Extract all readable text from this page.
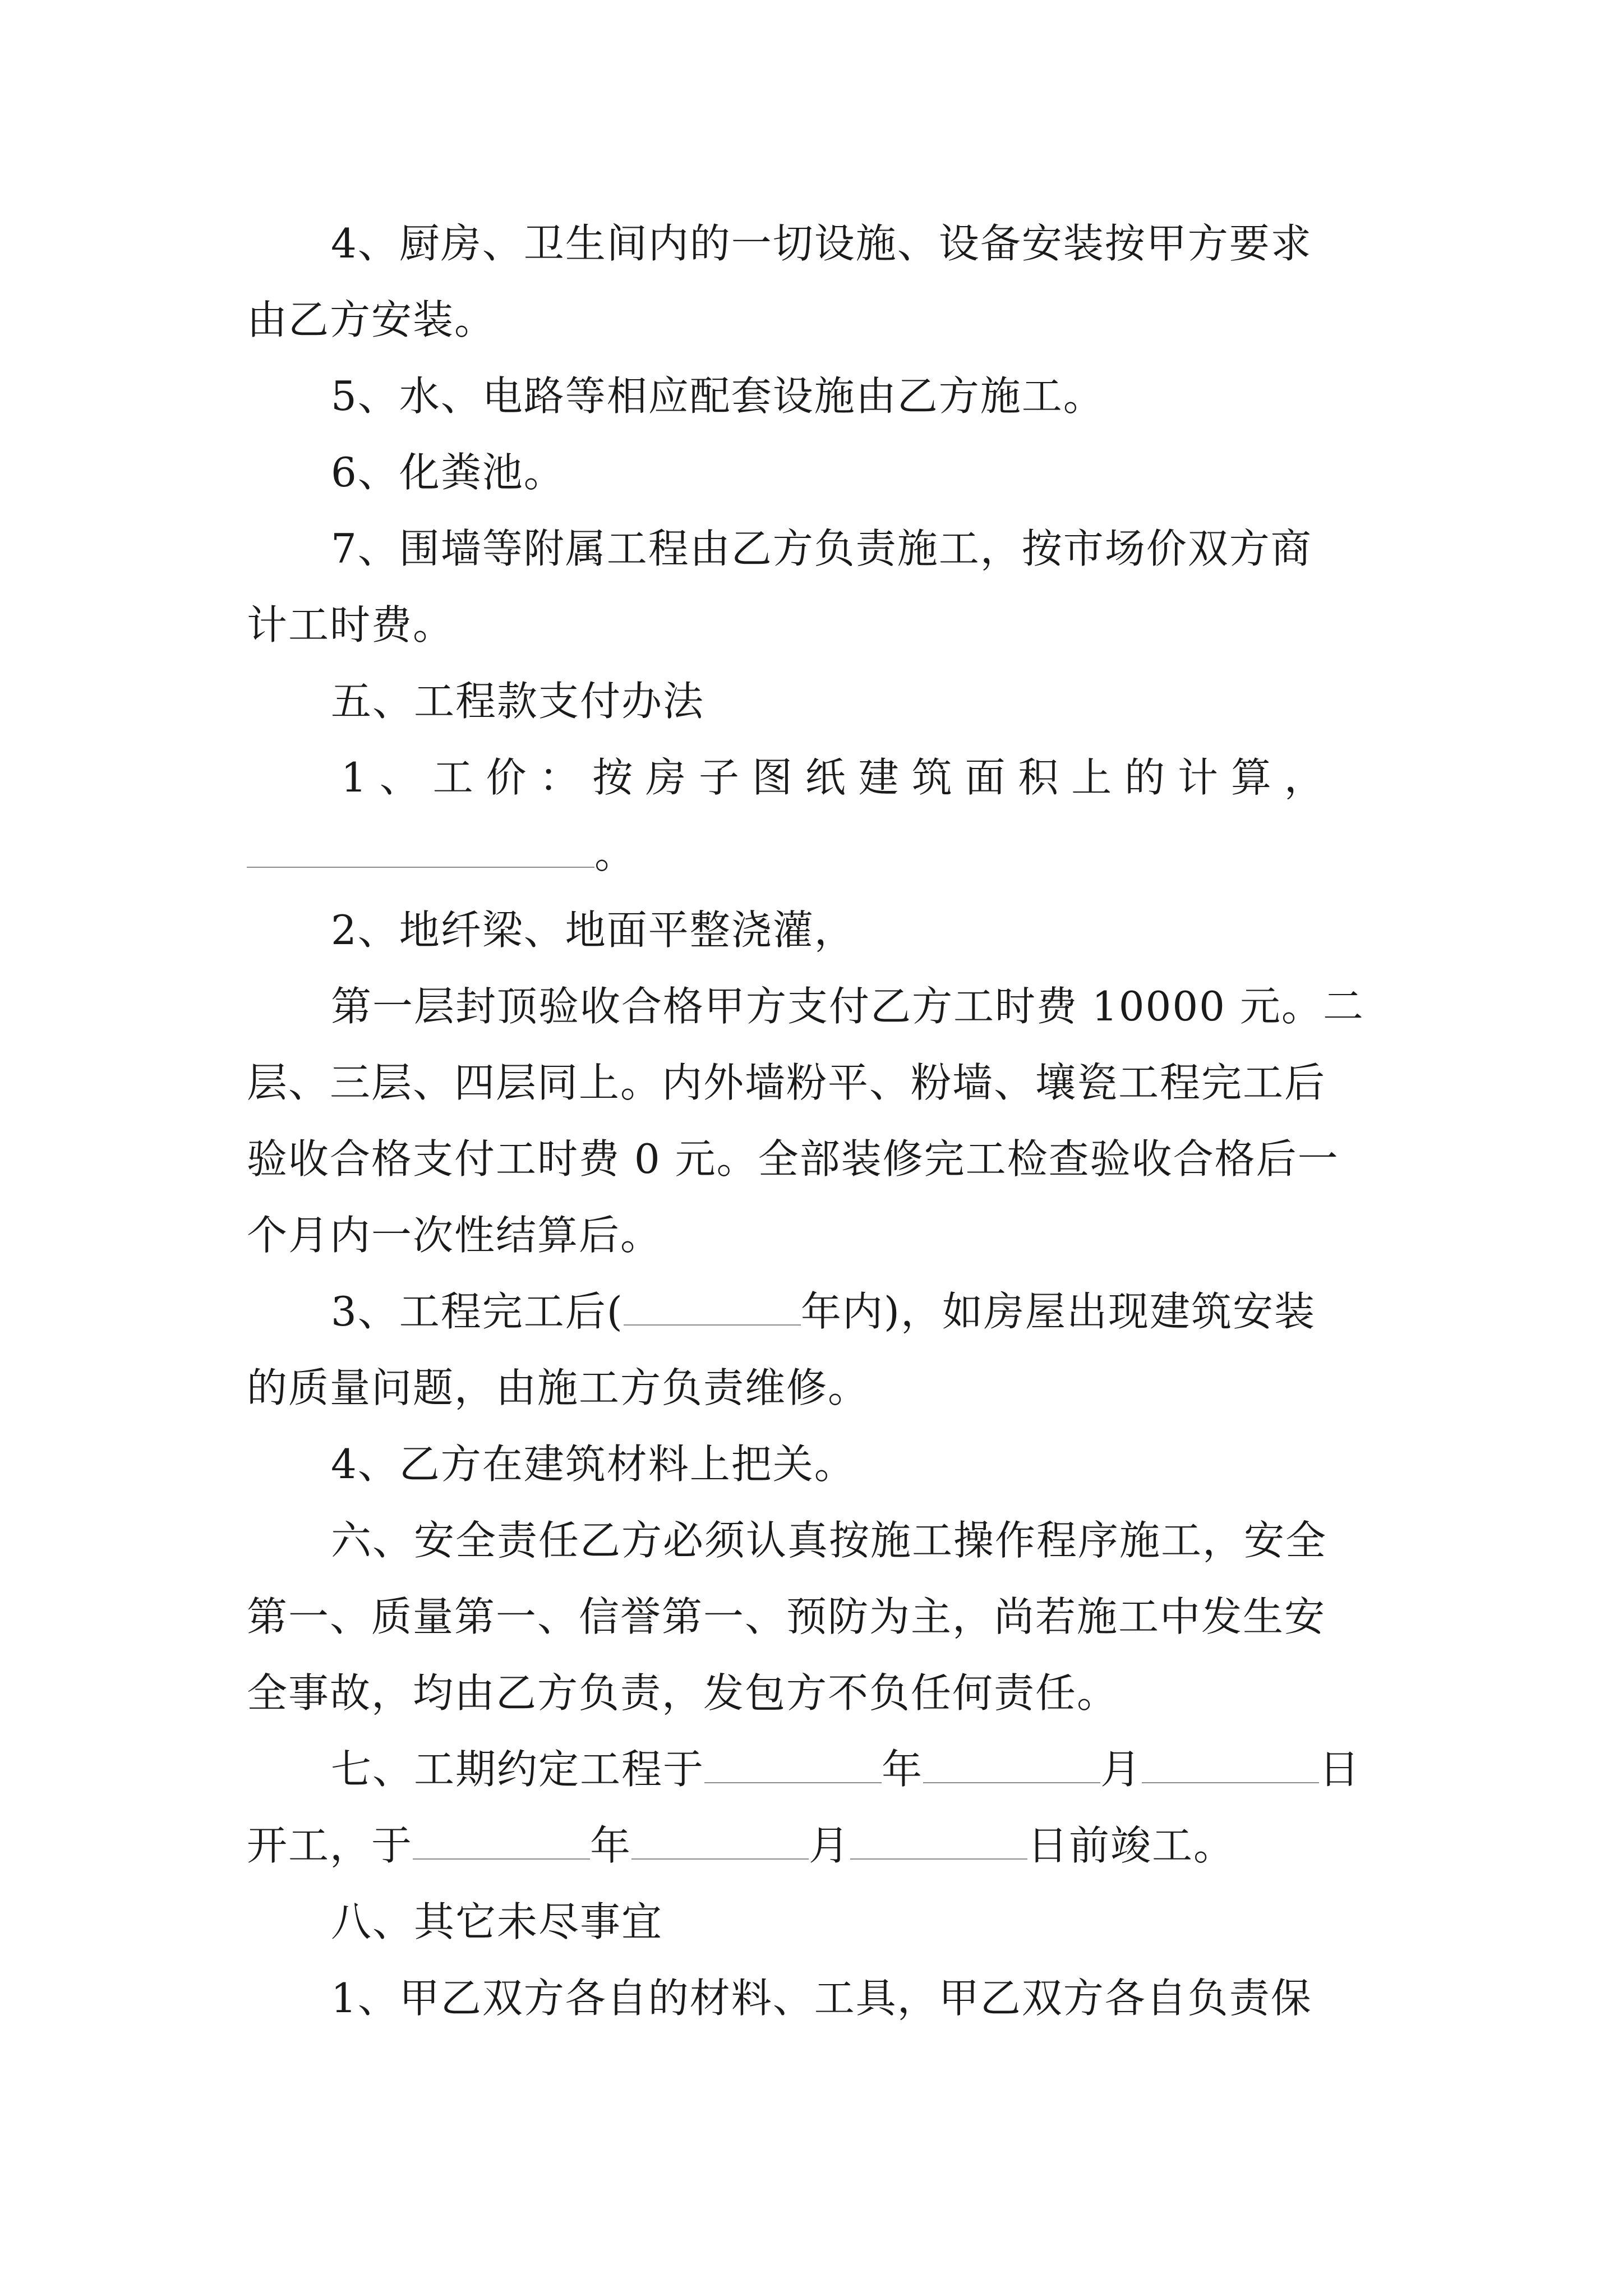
4、厨房、卫生间内的一切设施、设备安装按甲方要求

由乙方安装。

5、水、电路等相应配套设施由乙方施工。

6、化粪池。

7、围墙等附属工程由乙方负责施工，按市场价双方商

计工时费。

五、工程款支付办法

1 、 工 价 ： 按 房 子 图 纸 建 筑 面 积 上 的 计 算 ，

。

2、地纤梁、地面平整浇灌，

第一层封顶验收合格甲方支付乙方工时费 10000 元。二

层、三层、四层同上。内外墙粉平、粉墙、壤瓷工程完工后

验收合格支付工时费 0 元。全部装修完工检查验收合格后一

个月内一次性结算后。

3、工程完工后(	年内)，如房屋出现建筑安装

的质量问题，由施工方负责维修。

4、乙方在建筑材料上把关。

六、安全责任乙方必须认真按施工操作程序施工，安全

第一、质量第一、信誉第一、预防为主，尚若施工中发生安

全事故，均由乙方负责，发包方不负任何责任。

七、工期约定工程于	年	月	日

开工，于	年	月	日前竣工。

八、其它未尽事宜

1、甲乙双方各自的材料、工具，甲乙双方各自负责保
